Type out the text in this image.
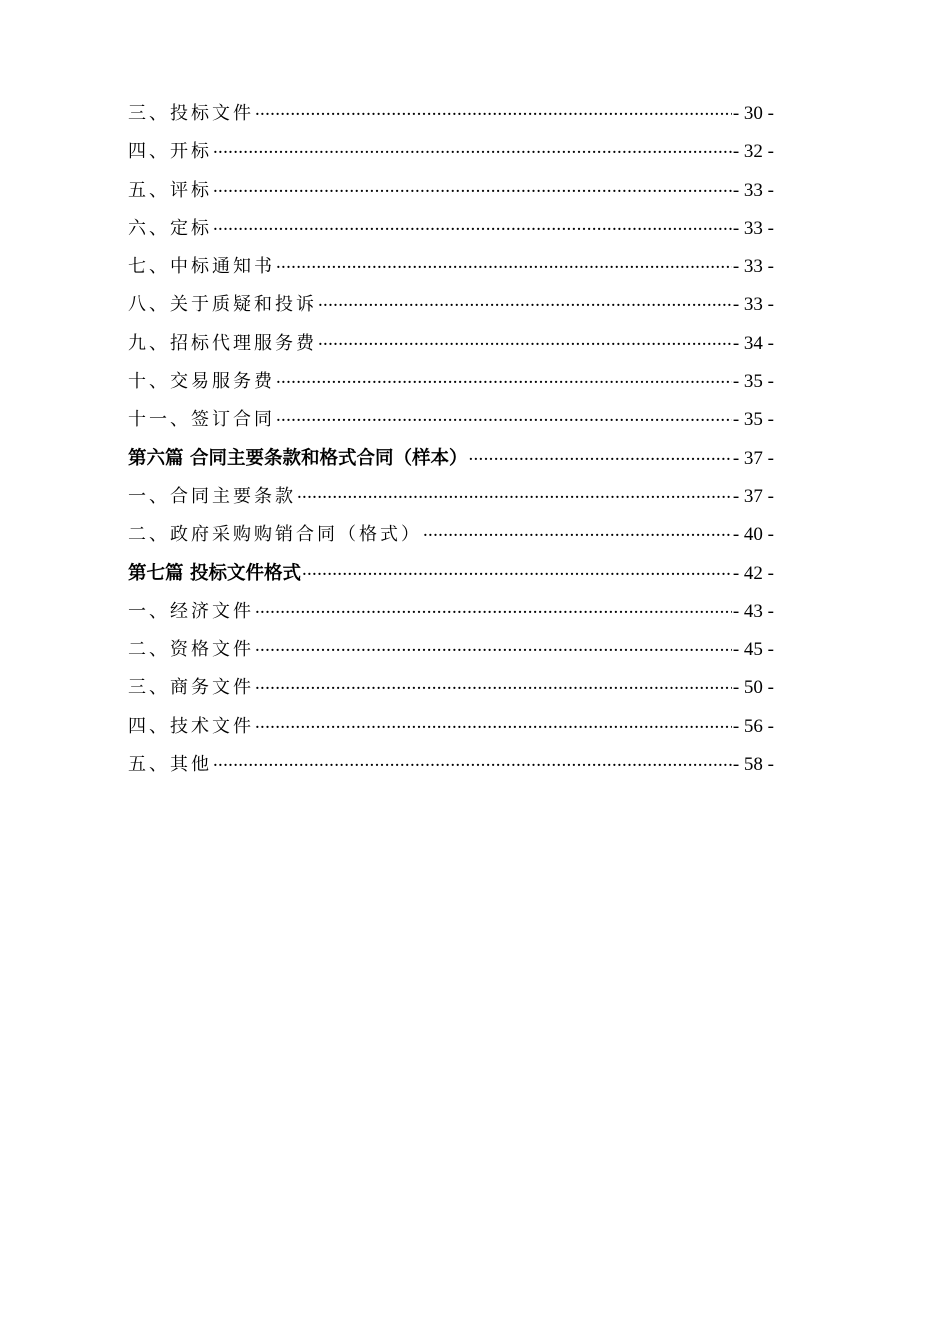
三、投标文件 .....	- 30 -
四、开标 .....	- 32 -
五、评标 .....	- 33 -
六、定标 .....	- 33 -
七、中标通知书 .....	- 33 -
八、关于质疑和投诉 .....	- 33 -
九、招标代理服务费 .....	- 34 -
十、交易服务费 .....	- 35 -
十一、签订合同 .....	- 35 -
第六篇 合同主要条款和格式合同（样本） .....	- 37 -
一、合同主要条款 .....	- 37 -
二、政府采购购销合同（格式） .....	- 40 -
第七篇 投标文件格式 .....	- 42 -
一、经济文件 .....	- 43 -
二、资格文件 .....	- 45 -
三、商务文件 .....	- 50 -
四、技术文件 .....	- 56 -
五、其他 .....	- 58 -
